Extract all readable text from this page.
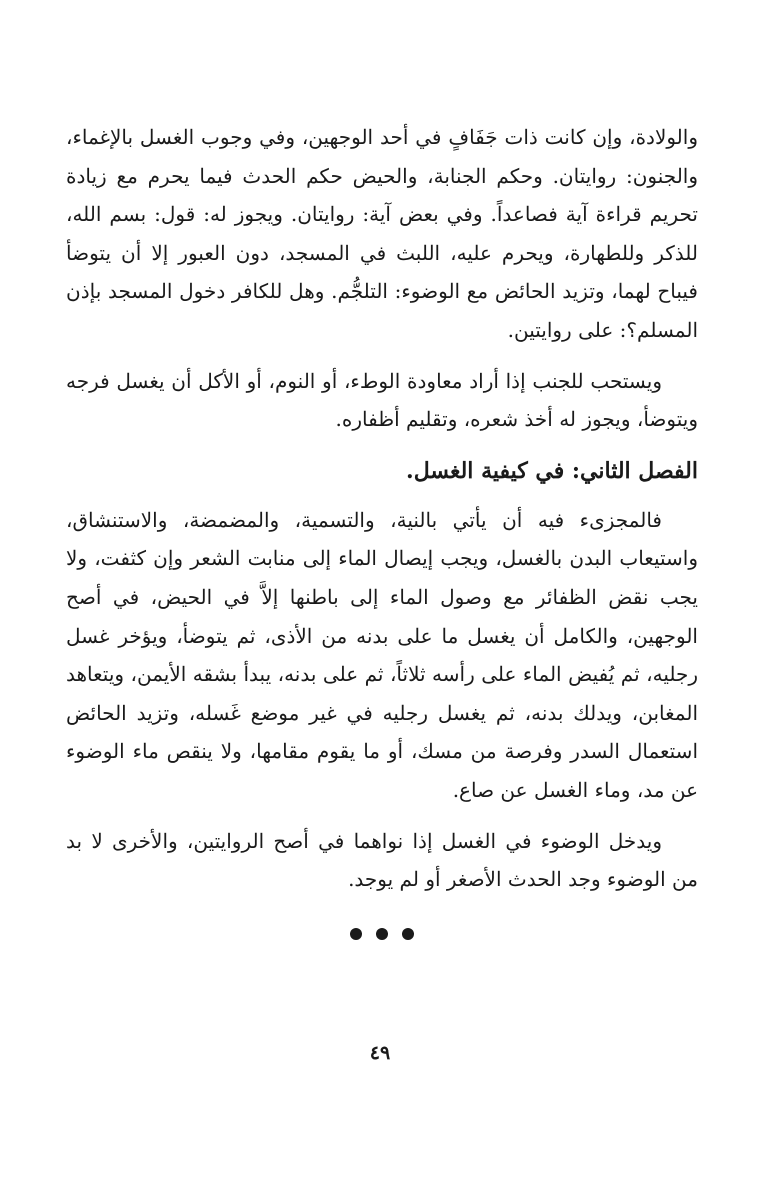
والولادة، وإن كانت ذات جَفَافٍ في أحد الوجهين، وفي وجوب الغسل بالإغماء، والجنون: روايتان. وحكم الجنابة، والحيض حكم الحدث فيما يحرم مع زيادة تحريم قراءة آية فصاعداً. وفي بعض آية: روايتان. ويجوز له: قول: بسم الله، للذكر وللطهارة، ويحرم عليه، اللبث في المسجد، دون العبور إلا أن يتوضأ فيباح لهما، وتزيد الحائض مع الوضوء: التلجُّم. وهل للكافر دخول المسجد بإذن المسلم؟: على روايتين.

ويستحب للجنب إذا أراد معاودة الوطء، أو النوم، أو الأكل أن يغسل فرجه ويتوضأ، ويجوز له أخذ شعره، وتقليم أظفاره.

الفصل الثاني: في كيفية الغسل.

فالمجزىء فيه أن يأتي بالنية، والتسمية، والمضمضة، والاستنشاق، واستيعاب البدن بالغسل، ويجب إيصال الماء إلى منابت الشعر وإن كثفت، ولا يجب نقض الظفائر مع وصول الماء إلى باطنها إلاَّ في الحيض، في أصح الوجهين، والكامل أن يغسل ما على بدنه من الأذى، ثم يتوضأ، ويؤخر غسل رجليه، ثم يُفيض الماء على رأسه ثلاثاً، ثم على بدنه، يبدأ بشقه الأيمن، ويتعاهد المغابن، ويدلك بدنه، ثم يغسل رجليه في غير موضع غَسله، وتزيد الحائض استعمال السدر وفرصة من مسك، أو ما يقوم مقامها، ولا ينقص ماء الوضوء عن مد، وماء الغسل عن صاع.

ويدخل الوضوء في الغسل إذا نواهما في أصح الروايتين، والأخرى لا بد من الوضوء وجد الحدث الأصغر أو لم يوجد.

٤٩
